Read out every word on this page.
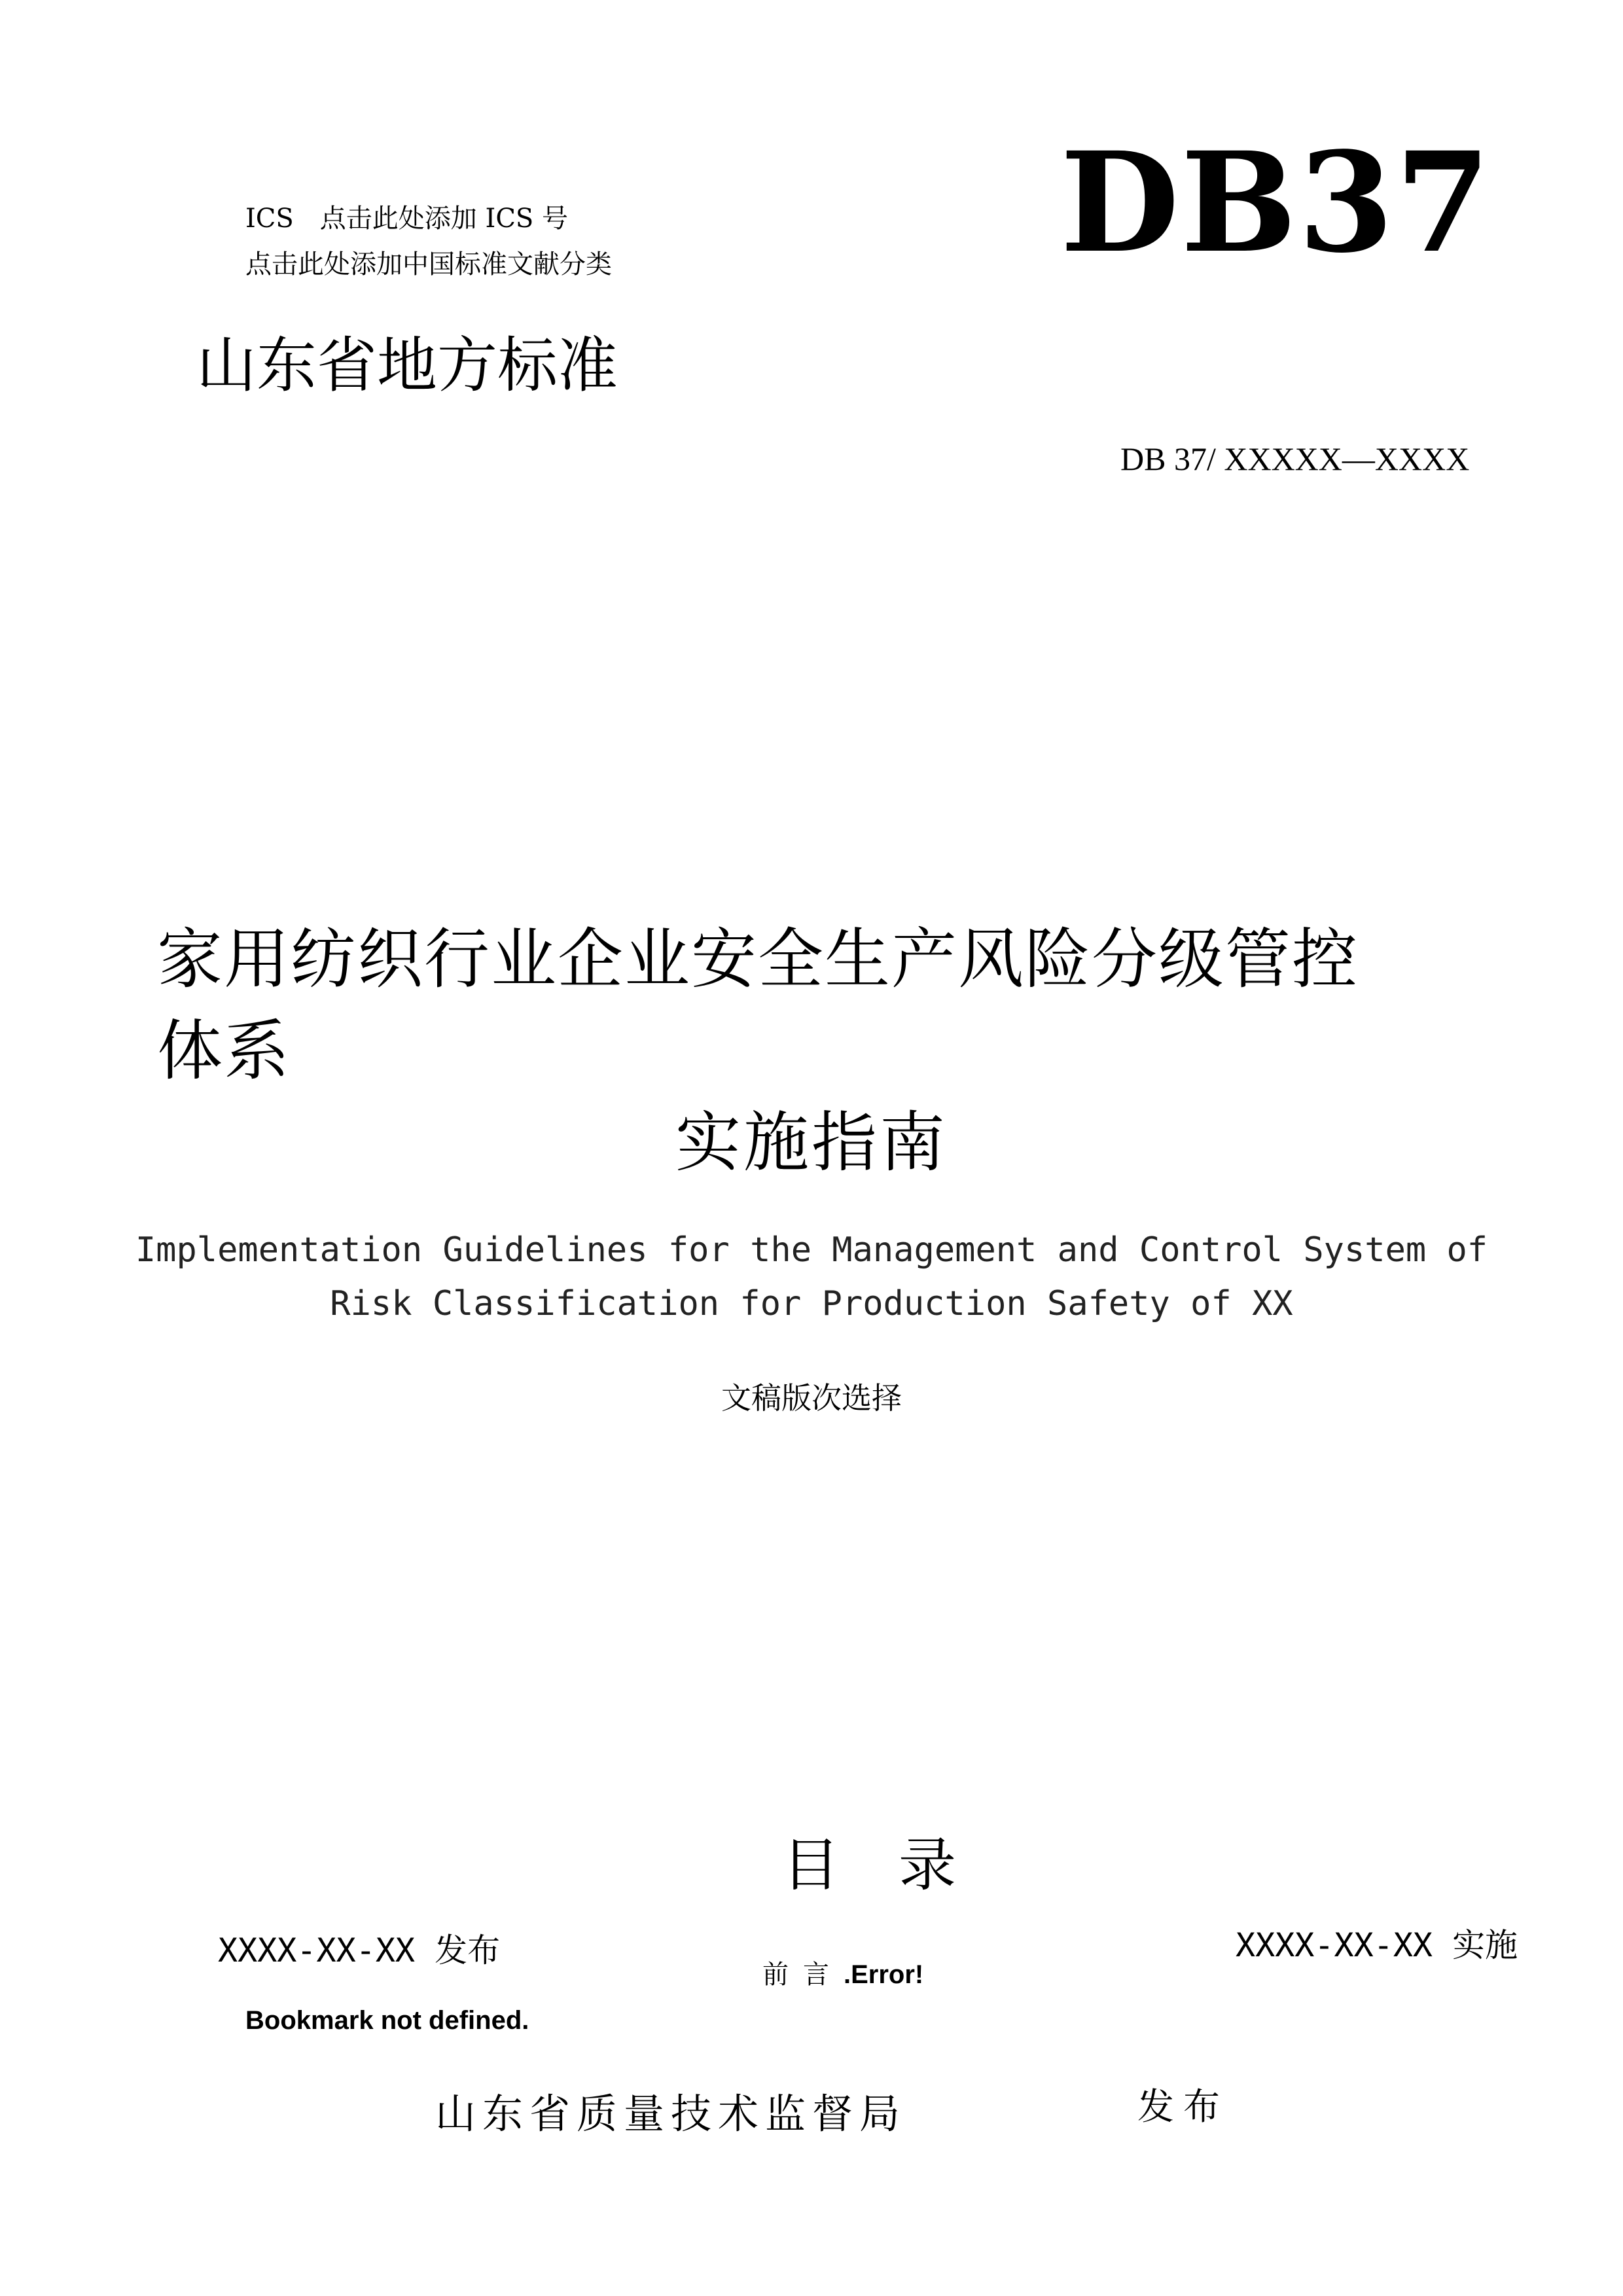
ICS　点击此处添加 ICS 号
点击此处添加中国标准文献分类	DB37
山东省地方标准
DB 37/ XXXXX—XXXX
家用纺织行业企业安全生产风险分级管控
体系
实施指南
Implementation Guidelines for the Management and Control System of
Risk Classification for Production Safety of XX
文稿版次选择
目录
XXXX-XX-XX 发布	XXXX-XX-XX 实施
前言.Error!
Bookmark not defined.
山东省质量技术监督局	发布
